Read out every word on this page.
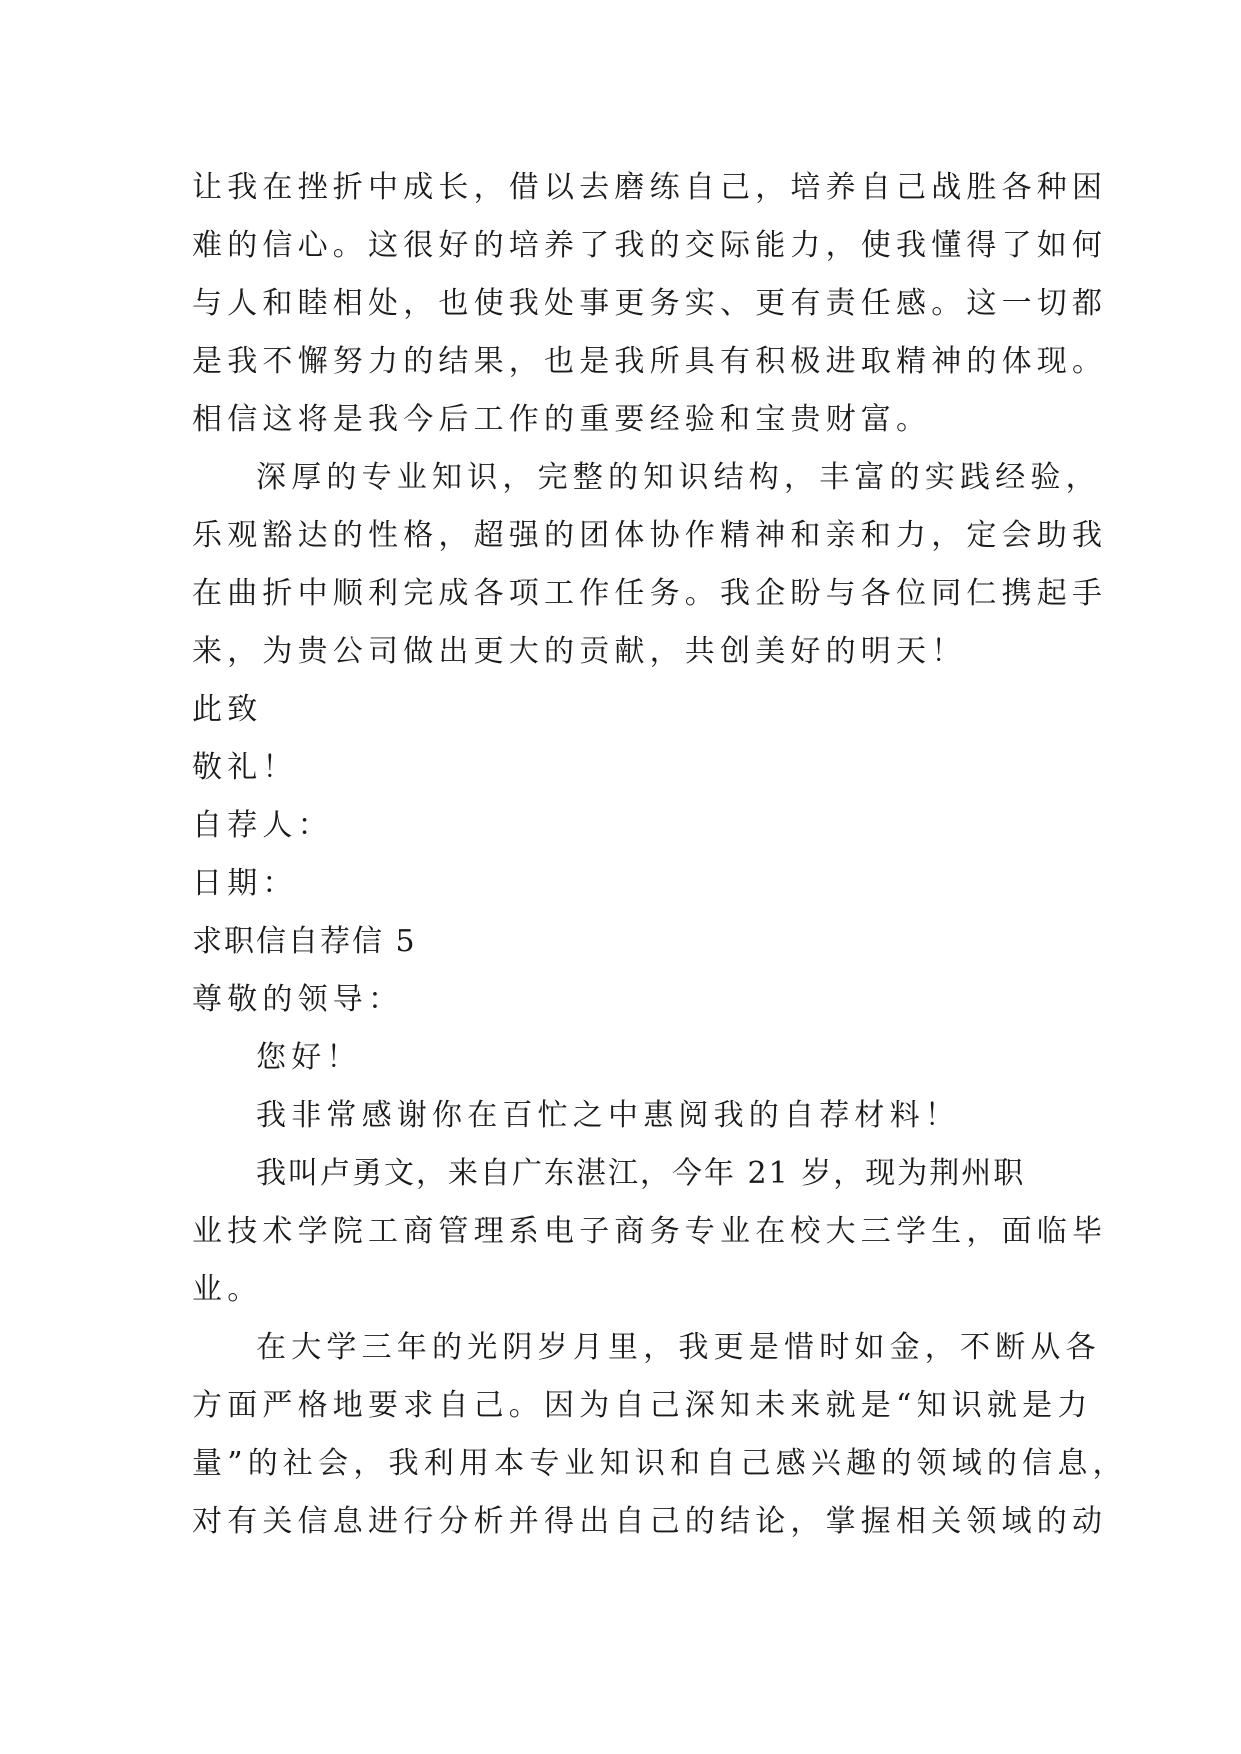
让我在挫折中成长，借以去磨练自己，培养自己战胜各种困
难的信心。这很好的培养了我的交际能力，使我懂得了如何
与人和睦相处，也使我处事更务实、更有责任感。这一切都
是我不懈努力的结果，也是我所具有积极进取精神的体现。
相信这将是我今后工作的重要经验和宝贵财富。
深厚的专业知识，完整的知识结构，丰富的实践经验，
乐观豁达的性格，超强的团体协作精神和亲和力，定会助我
在曲折中顺利完成各项工作任务。我企盼与各位同仁携起手
来，为贵公司做出更大的贡献，共创美好的明天！
此致
敬礼！
自荐人：
日期：
求职信自荐信 5
尊敬的领导：
您好！
我非常感谢你在百忙之中惠阅我的自荐材料！
我叫卢勇文，来自广东湛江，今年 21 岁，现为荆州职
业技术学院工商管理系电子商务专业在校大三学生，面临毕
业。
在大学三年的光阴岁月里，我更是惜时如金，不断从各
方面严格地要求自己。因为自己深知未来就是“知识就是力
量”的社会，我利用本专业知识和自己感兴趣的领域的信息，
对有关信息进行分析并得出自己的结论，掌握相关领域的动
